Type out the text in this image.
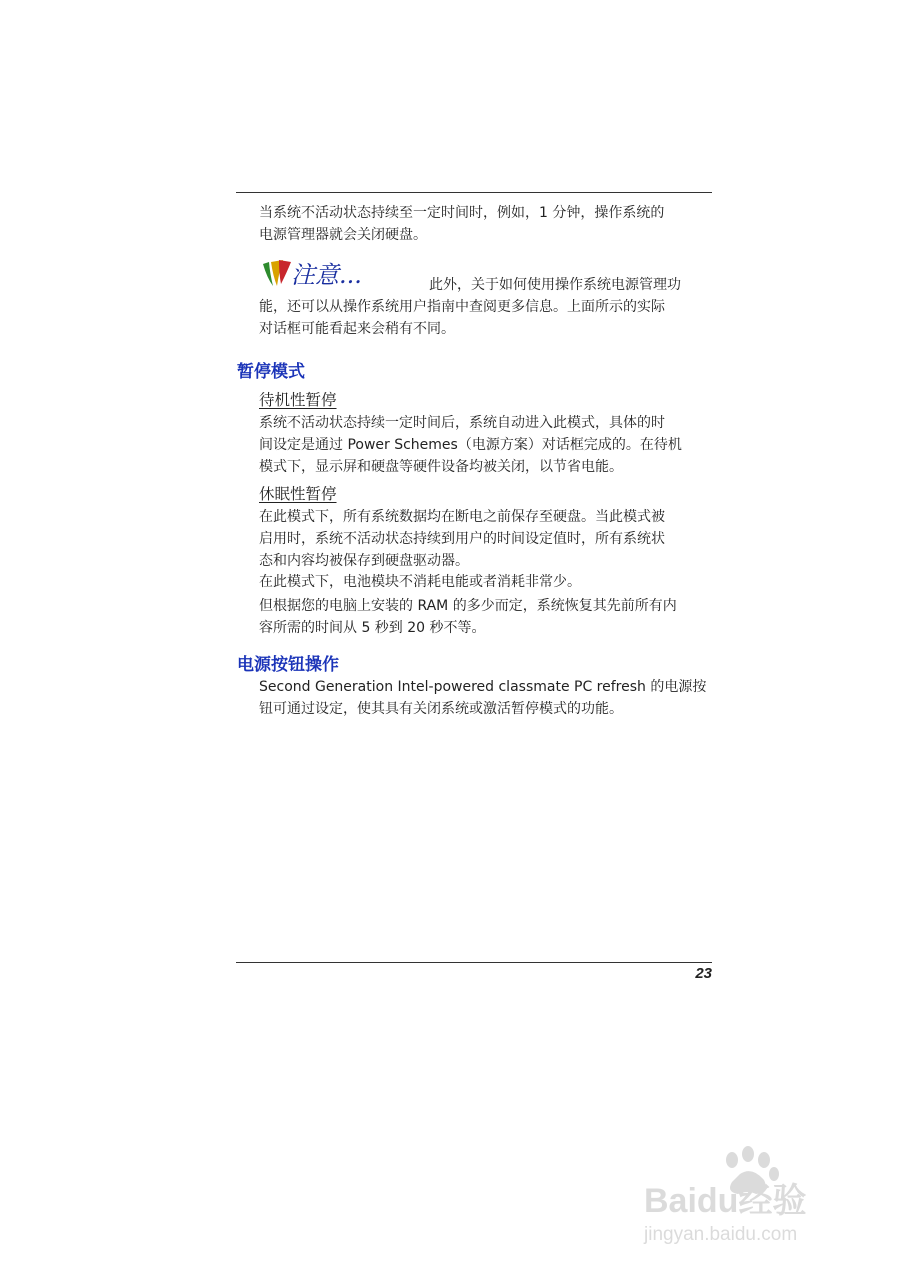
当系统不活动状态持续至一定时间时，例如，1 分钟，操作系统的
电源管理器就会关闭硬盘。
注意...	此外，关于如何使用操作系统电源管理功
能，还可以从操作系统用户指南中查阅更多信息。上面所示的实际
对话框可能看起来会稍有不同。
暂停模式
待机性暂停
系统不活动状态持续一定时间后，系统自动进入此模式，具体的时
间设定是通过 Power Schemes（电源方案）对话框完成的。在待机
模式下，显示屏和硬盘等硬件设备均被关闭，以节省电能。
休眠性暂停
在此模式下，所有系统数据均在断电之前保存至硬盘。当此模式被
启用时，系统不活动状态持续到用户的时间设定值时，所有系统状
态和内容均被保存到硬盘驱动器。
在此模式下，电池模块不消耗电能或者消耗非常少。
但根据您的电脑上安装的 RAM 的多少而定，系统恢复其先前所有内
容所需的时间从 5 秒到 20 秒不等。
电源按钮操作
Second Generation Intel-powered classmate PC refresh 的电源按
钮可通过设定，使其具有关闭系统或激活暂停模式的功能。
23
Baidu经验
jingyan.baidu.com
